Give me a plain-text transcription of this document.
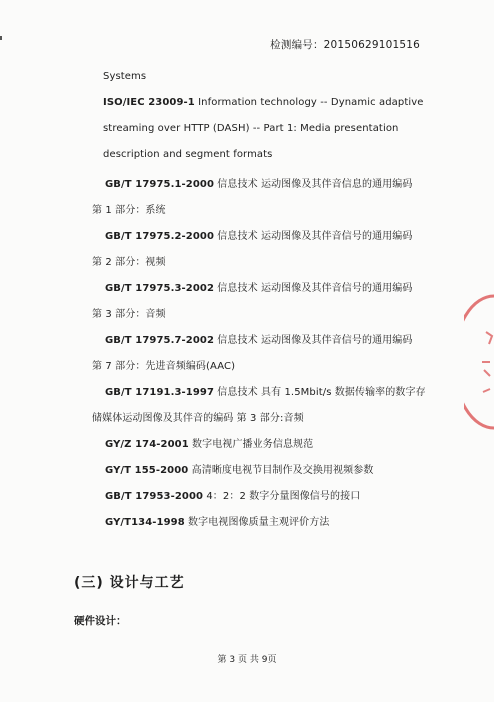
检测编号：20150629101516
Systems
ISO/IEC 23009-1 Information technology -- Dynamic adaptive
streaming over HTTP (DASH) -- Part 1: Media presentation
description and segment formats
GB/T 17975.1-2000 信息技术 运动图像及其伴音信息的通用编码
第 1 部分：系统
GB/T 17975.2-2000 信息技术 运动图像及其伴音信号的通用编码
第 2 部分：视频
GB/T 17975.3-2002 信息技术 运动图像及其伴音信号的通用编码
第 3 部分：音频
GB/T 17975.7-2002 信息技术 运动图像及其伴音信号的通用编码
第 7 部分：先进音频编码(AAC)
GB/T 17191.3-1997 信息技术 具有 1.5Mbit/s 数据传输率的数字存
储媒体运动图像及其伴音的编码 第 3 部分:音频
GY/Z 174-2001 数字电视广播业务信息规范
GY/T 155-2000 高清晰度电视节目制作及交换用视频参数
GB/T 17953-2000 4：2：2 数字分量图像信号的接口
GY/T134-1998 数字电视图像质量主观评价方法
(三) 设计与工艺
硬件设计：
第 3 页 共 9页
